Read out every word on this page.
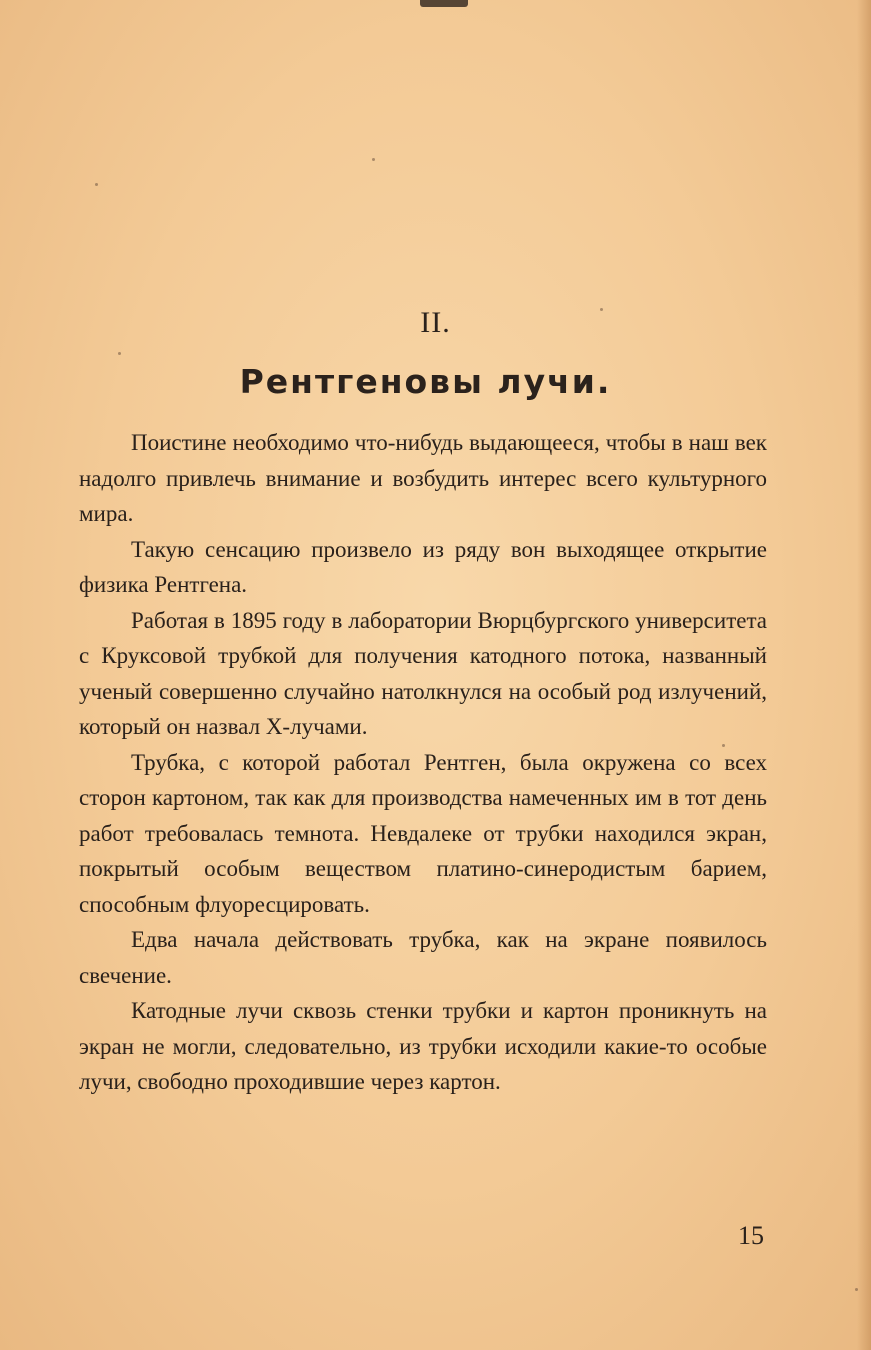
II.
Рентгеновы лучи.

Поистине необходимо что-нибудь выдающееся, чтобы в наш век надолго привлечь внимание и возбудить интерес всего культурного мира.

Такую сенсацию произвело из ряду вон выходящее открытие физика Рентгена.

Работая в 1895 году в лаборатории Вюрцбургского университета с Круксовой трубкой для получения катодного потока, названный ученый совершенно случайно натолкнулся на особый род излучений, который он назвал Х-лучами.

Трубка, с которой работал Рентген, была окружена со всех сторон картоном, так как для производства намеченных им в тот день работ требовалась темнота. Невдалеке от трубки находился экран, покрытый особым веществом платино-синеродистым барием, способным флуоресцировать.

Едва начала действовать трубка, как на экране появилось свечение.

Катодные лучи сквозь стенки трубки и картон проникнуть на экран не могли, следовательно, из трубки исходили какие-то особые лучи, свободно проходившие через картон.

15
